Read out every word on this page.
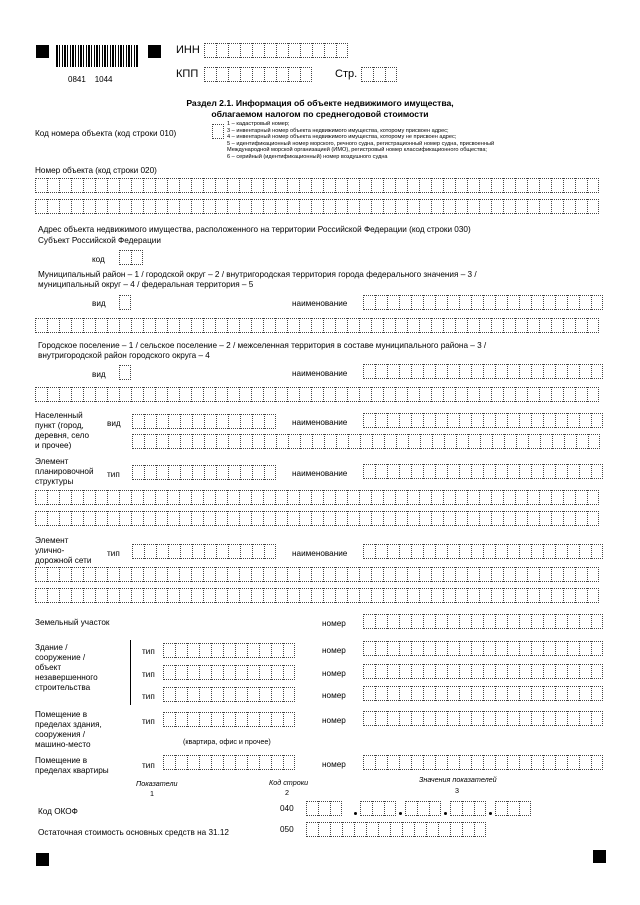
0841    1044
ИНН
КПП	Стр.
Раздел 2.1. Информация об объекте недвижимого имущества,
облагаемом налогом по среднегодовой стоимости
Код номера объекта (код строки 010)
1 – кадастровый номер;
3 – инвентарный номер объекта недвижимого имущества, которому присвоен адрес;
4 – инвентарный номер объекта недвижимого имущества, которому не присвоен адрес;
5 – идентификационный номер морского, речного судна, регистрационный номер судна, присвоенный
Международной морской организацией (ИМО), регистровый номер классификационного общества;
6 – серийный (идентификационный) номер воздушного судна
Номер объекта (код строки 020)
Адрес объекта недвижимого имущества, расположенного на территории Российской Федерации (код строки 030)
Субъект Российской Федерации
код
Муниципальный район – 1 / городской округ – 2 / внутригородская территория города федерального значения – 3 /
муниципальный округ – 4 / федеральная территория – 5
вид	наименование
Городское поселение – 1 / сельское поселение – 2 / межселенная территория в составе муниципального района – 3 /
внутригородской район городского округа – 4
вид	наименование
Населенный
пункт (город,
деревня, село
и прочее)
вид	наименование
Элемент
планировочной
структуры
тип	наименование
Элемент
улично-
дорожной сети
тип	наименование
Земельный участок	номер
Здание /
сооружение /
объект
незавершенного
строительства
тип	номер
тип	номер
тип	номер
Помещение в
пределах здания,
сооружения /
машино-место
тип	номер
(квартира, офис и прочее)
Помещение в
пределах квартиры
тип	номер
Показатели
1
Код строки
2
Значения показателей
3
Код ОКОФ	040
Остаточная стоимость основных средств на 31.12	050
